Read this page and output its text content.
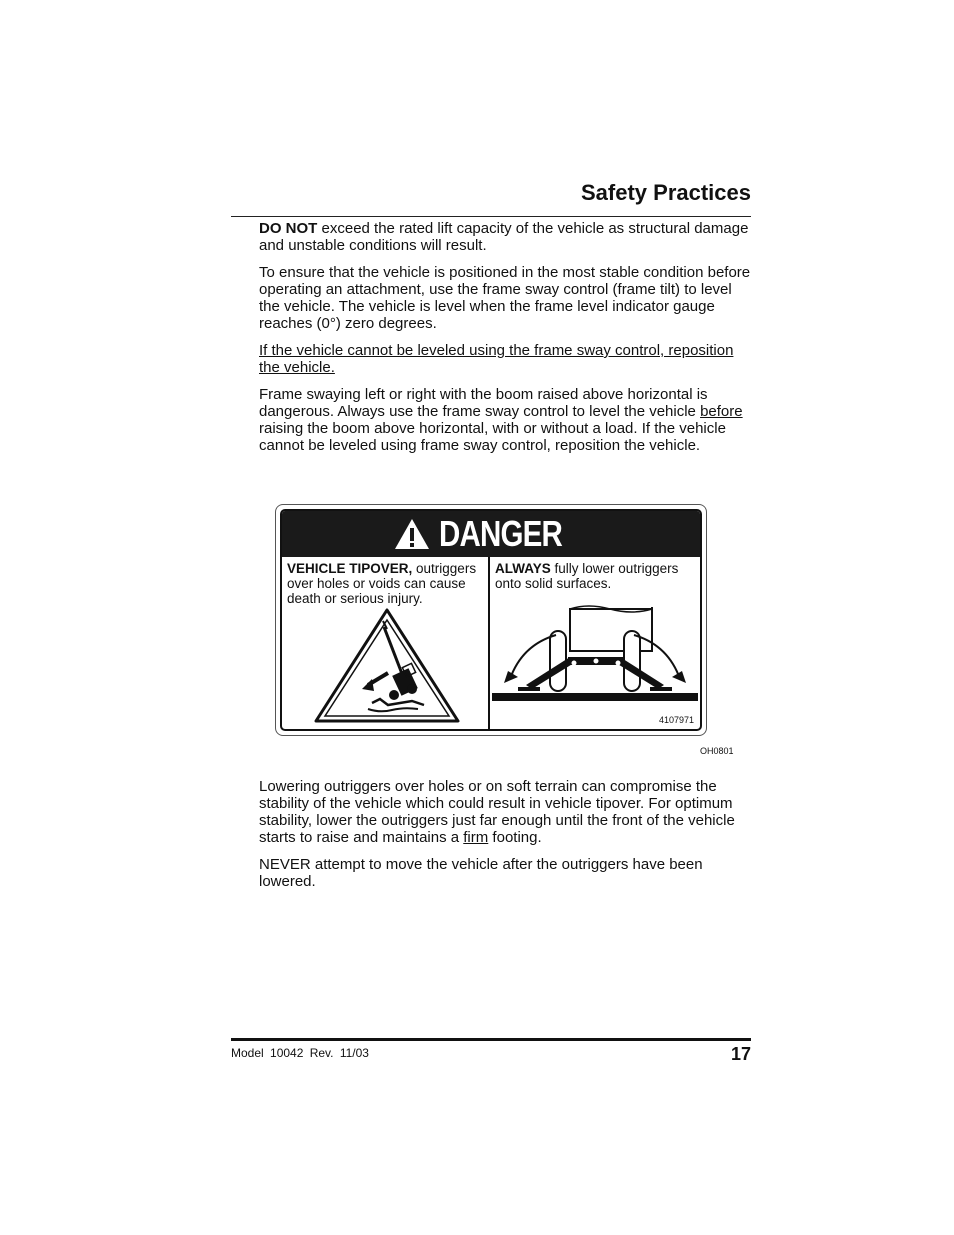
Safety Practices

DO NOT exceed the rated lift capacity of the vehicle as structural damage and unstable conditions will result.

To ensure that the vehicle is positioned in the most stable condition before operating an attachment, use the frame sway control (frame tilt) to level the vehicle. The vehicle is level when the frame level indicator gauge reaches (0°) zero degrees.

If the vehicle cannot be leveled using the frame sway control, reposition the vehicle.

Frame swaying left or right with the boom raised above horizontal is dangerous. Always use the frame sway control to level the vehicle before raising the boom above horizontal, with or without a load. If the vehicle cannot be leveled using frame sway control, reposition the vehicle.

DANGER
VEHICLE TIPOVER, outriggers over holes or voids can cause death or serious injury.
ALWAYS fully lower outriggers onto solid surfaces.
4107971
OH0801

Lowering outriggers over holes or on soft terrain can compromise the stability of the vehicle which could result in vehicle tipover. For optimum stability, lower the outriggers just far enough until the front of the vehicle starts to raise and maintains a firm footing.

NEVER attempt to move the vehicle after the outriggers have been lowered.

Model 10042 Rev. 11/03	17
